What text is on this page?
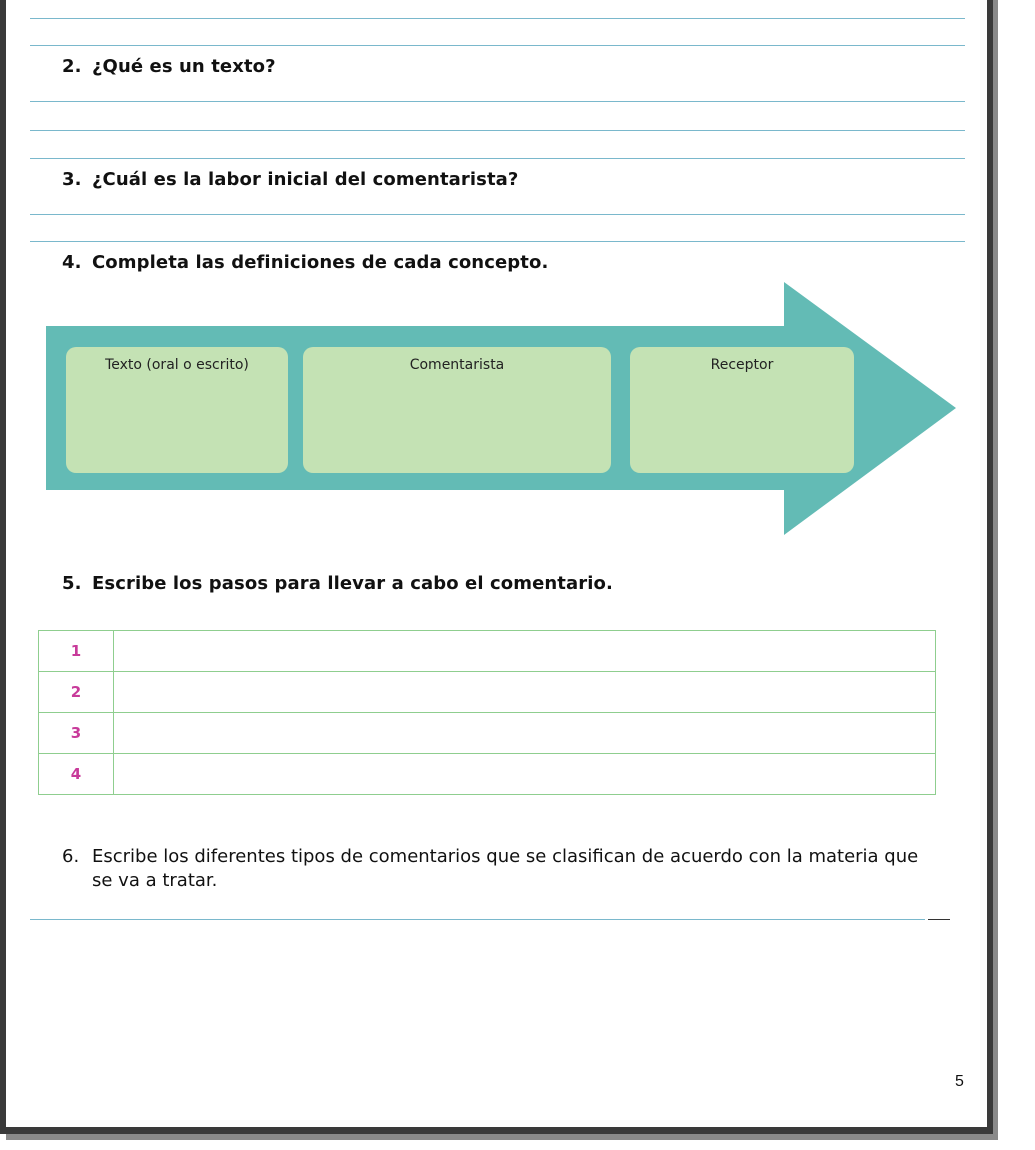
2. ¿Qué es un texto?
3. ¿Cuál es la labor inicial del comentarista?
4. Completa las definiciones de cada concepto.
Texto (oral o escrito)	Comentarista	Receptor
5. Escribe los pasos para llevar a cabo el comentario.
1	
2	
3	
4	
6. Escribe los diferentes tipos de comentarios que se clasifican de acuerdo con la materia que se va a tratar.
5
